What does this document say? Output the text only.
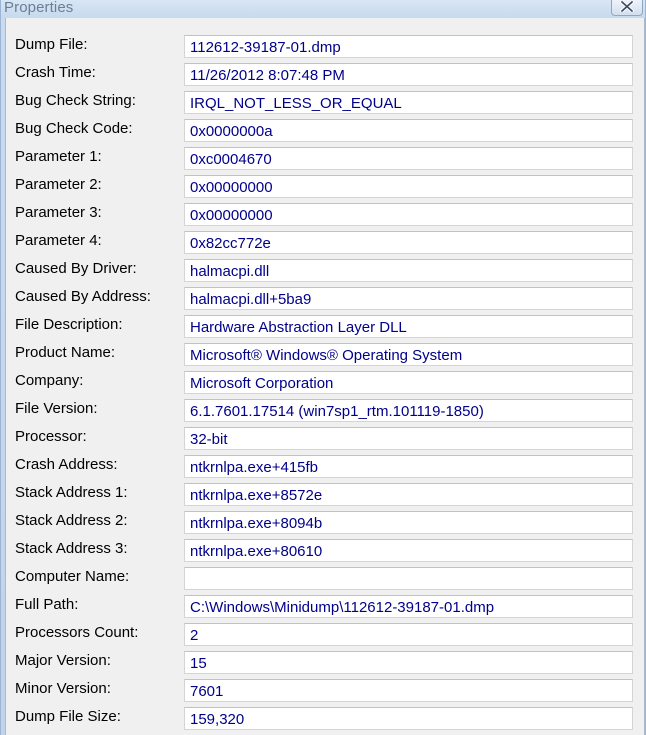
Properties
Dump File:
112612-39187-01.dmp
Crash Time:
11/26/2012 8:07:48 PM
Bug Check String:
IRQL_NOT_LESS_OR_EQUAL
Bug Check Code:
0x0000000a
Parameter 1:
0xc0004670
Parameter 2:
0x00000000
Parameter 3:
0x00000000
Parameter 4:
0x82cc772e
Caused By Driver:
halmacpi.dll
Caused By Address:
halmacpi.dll+5ba9
File Description:
Hardware Abstraction Layer DLL
Product Name:
Microsoft® Windows® Operating System
Company:
Microsoft Corporation
File Version:
6.1.7601.17514 (win7sp1_rtm.101119-1850)
Processor:
32-bit
Crash Address:
ntkrnlpa.exe+415fb
Stack Address 1:
ntkrnlpa.exe+8572e
Stack Address 2:
ntkrnlpa.exe+8094b
Stack Address 3:
ntkrnlpa.exe+80610
Computer Name:
Full Path:
C:\Windows\Minidump\112612-39187-01.dmp
Processors Count:
2
Major Version:
15
Minor Version:
7601
Dump File Size:
159,320
